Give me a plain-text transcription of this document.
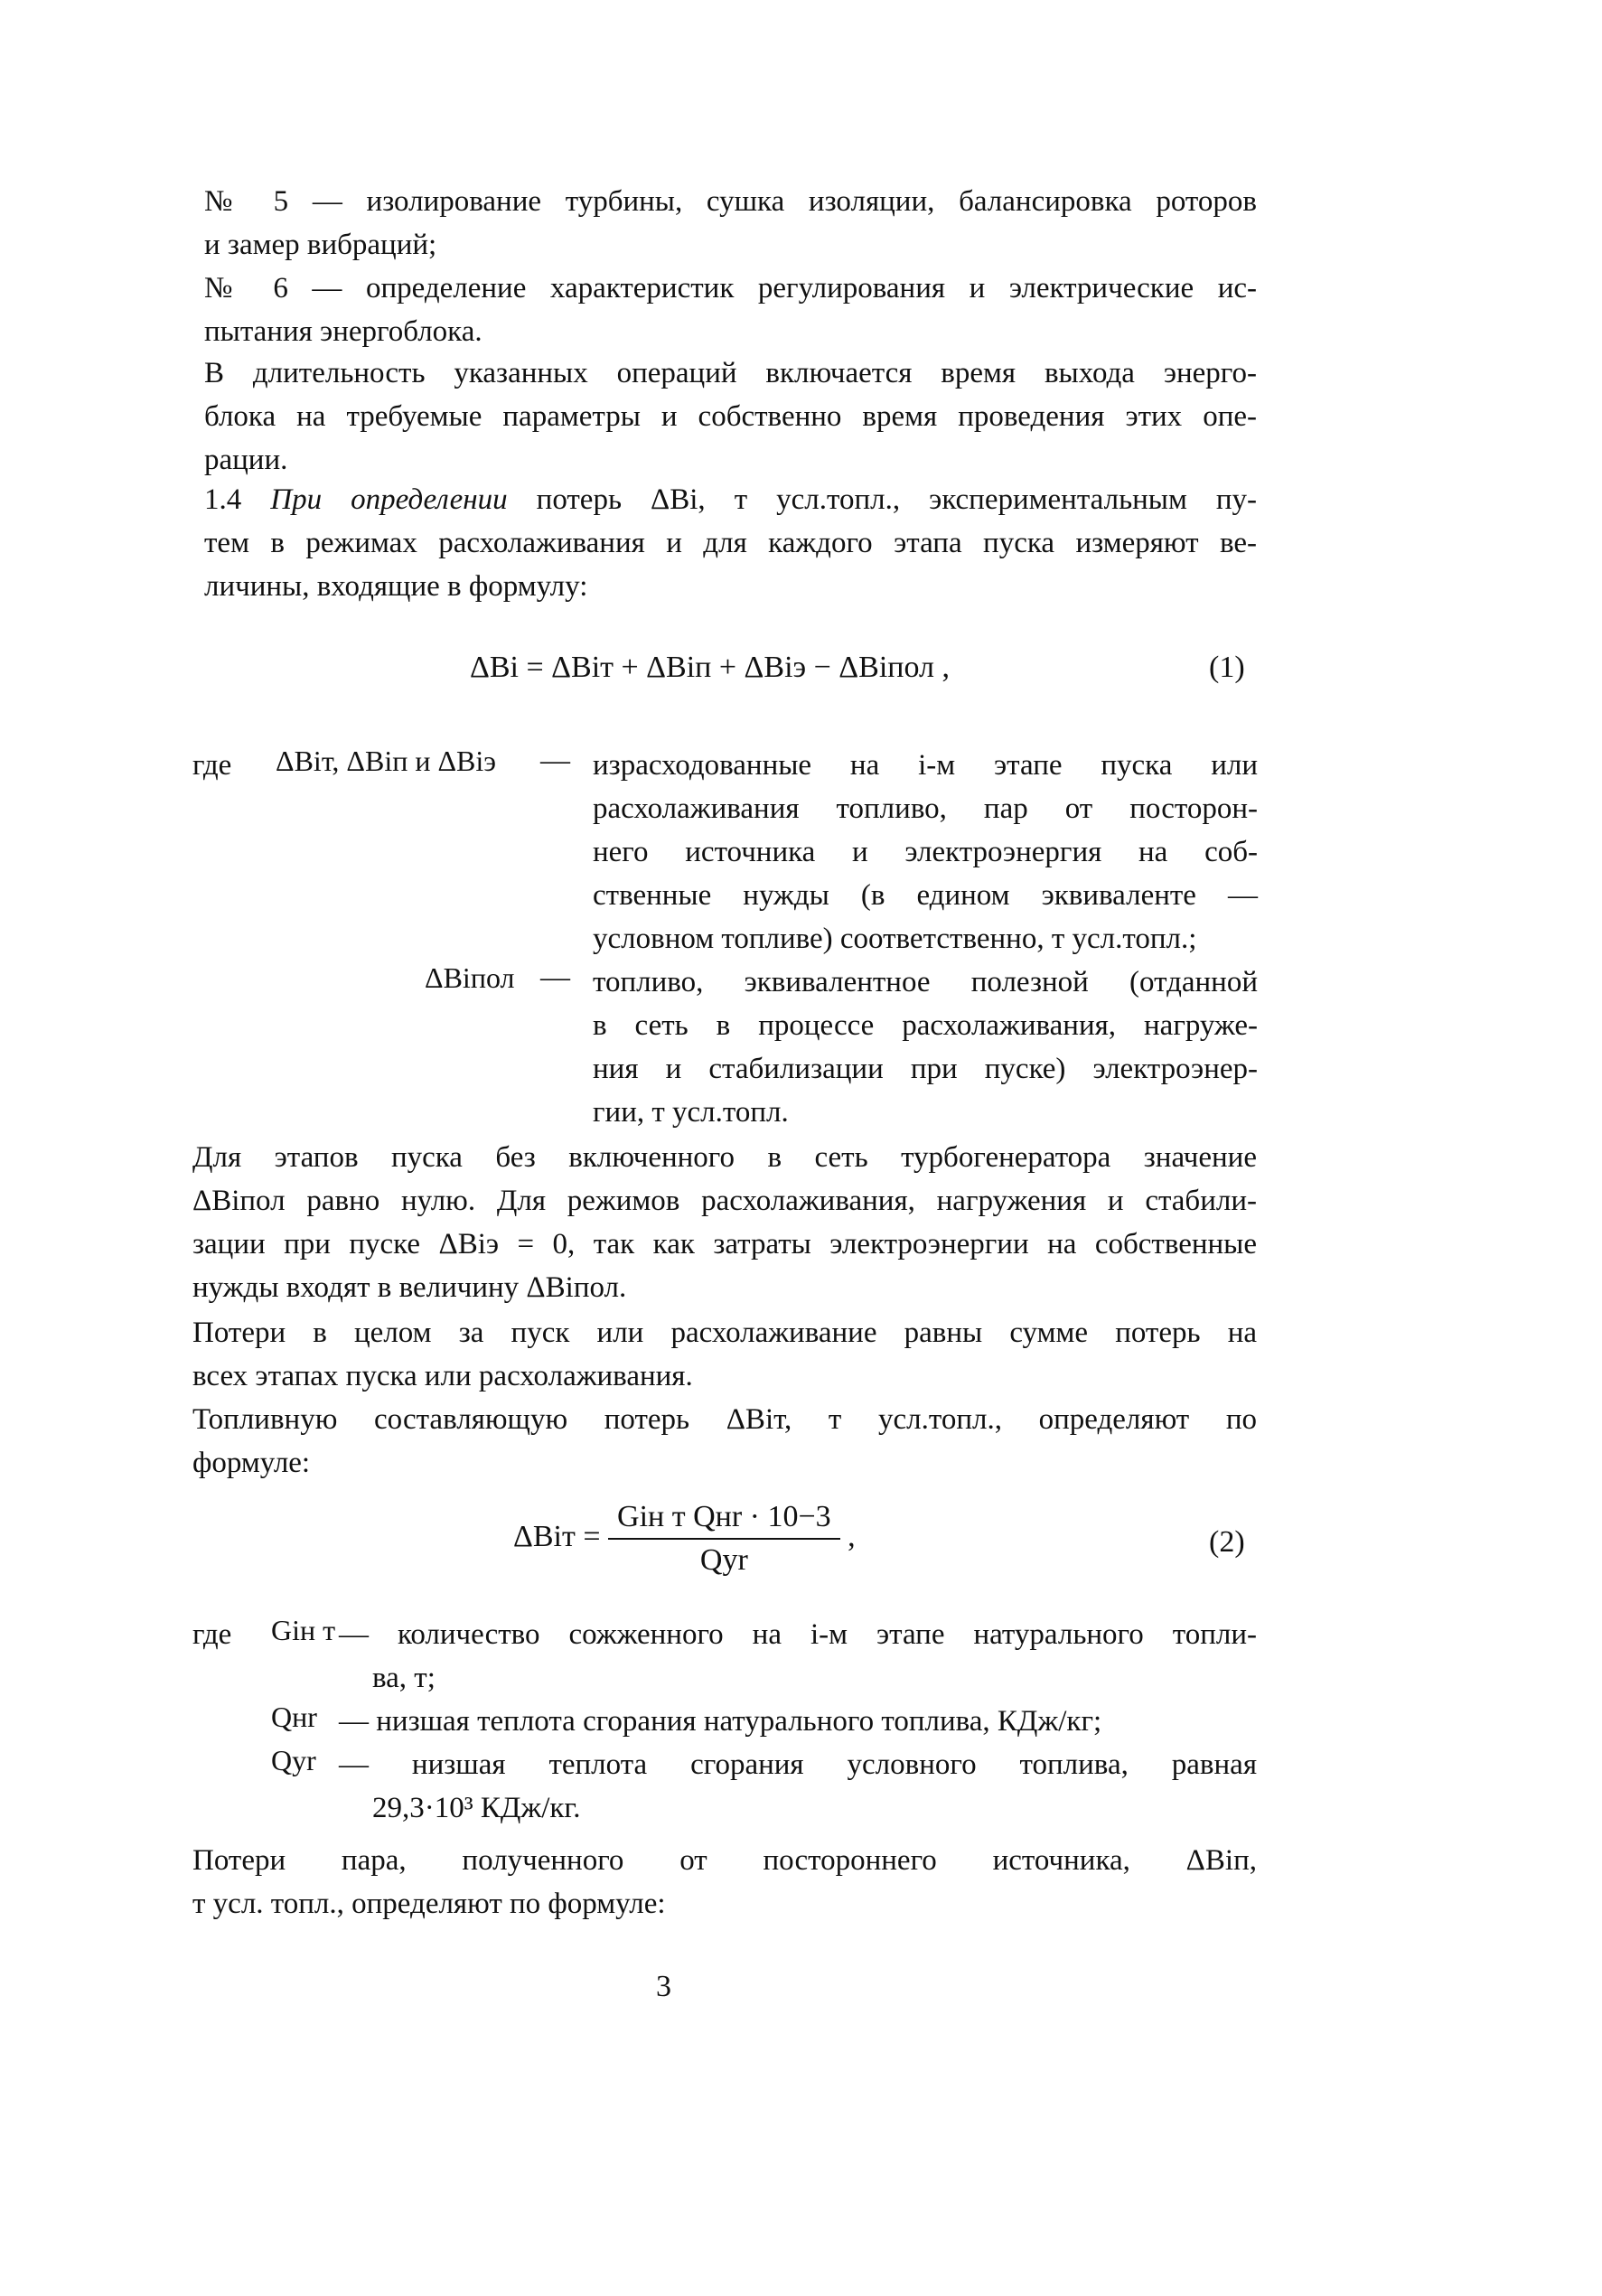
№ 5 — изолирование турбины, сушка изоляции, балансировка роторов
и замер вибраций;
№ 6 — определение характеристик регулирования и электрические ис-
пытания энергоблока.
В длительность указанных операций включается время выхода энерго-
блока на требуемые параметры и собственно время проведения этих опе-
рации.
1.4 При определении потерь ΔBi, т усл.топл., экспериментальным пу-
тем в режимах расхолаживания и для каждого этапа пуска измеряют ве-
личины, входящие в формулу:
ΔBi = ΔBiт + ΔBiп + ΔBiэ − ΔBiпол ,	(1)
где ΔBiт, ΔBiп и ΔBiэ — израсходованные на i-м этапе пуска или
расхолаживания топливо, пар от посторон-
него источника и электроэнергия на соб-
ственные нужды (в едином эквиваленте —
условном топливе) соответственно, т усл.топл.;
ΔBiпол — топливо, эквивалентное полезной (отданной
в сеть в процессе расхолаживания, нагруже-
ния и стабилизации при пуске) электроэнер-
гии, т усл.топл.
Для этапов пуска без включенного в сеть турбогенератора значение
ΔBiпол равно нулю. Для режимов расхолаживания, нагружения и стабили-
зации при пуске ΔBiэ = 0, так как затраты электроэнергии на собственные
нужды входят в величину ΔBiпол.
Потери в целом за пуск или расхолаживание равны сумме потерь на
всех этапах пуска или расхолаживания.
Топливную составляющую потерь ΔBiт, т усл.топл., определяют по
формуле:
$\Delta Biт = \frac{\text{Giн т Qнr · 10−3}}{\text{Qуr}}$ ,	(2)
где Giн т — количество сожженного на i-м этапе натурального топли-
ва, т;
Qнr — низшая теплота сгорания натурального топлива, КДж/кг;
Qуr — низшая теплота сгорания условного топлива, равная
29,3·10³ КДж/кг.
Потери пара, полученного от постороннего источника, ΔBiп,
т усл. топл., определяют по формуле:
3
